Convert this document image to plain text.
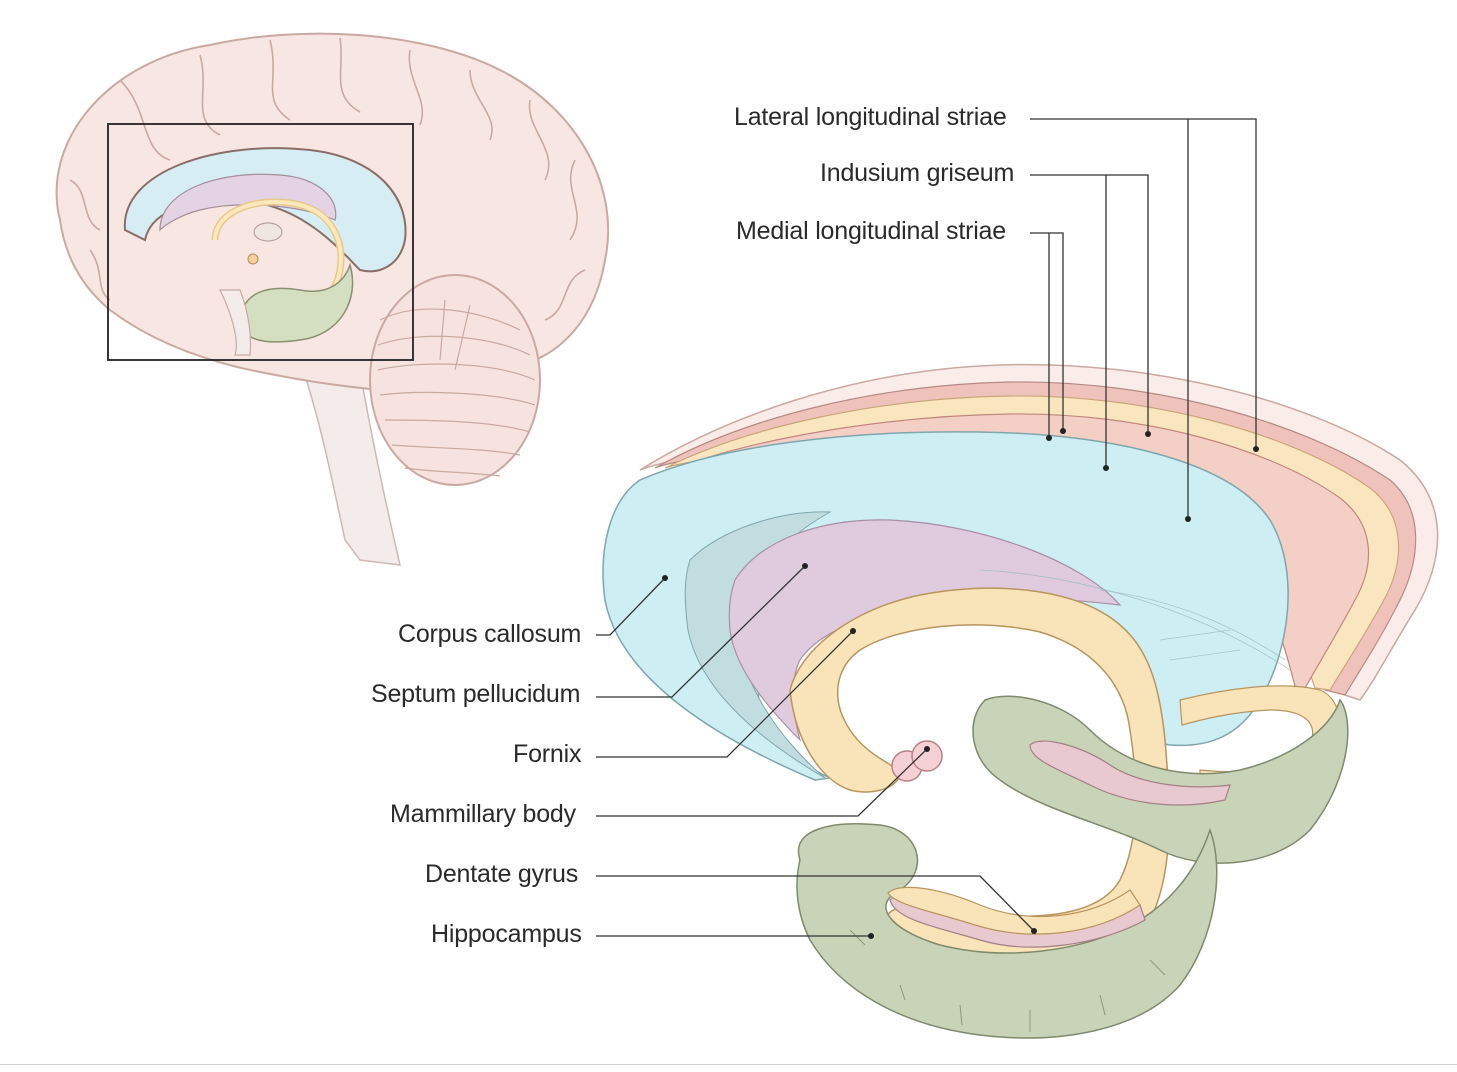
Lateral longitudinal striae
Indusium griseum
Medial longitudinal striae
Corpus callosum
Septum pellucidum
Fornix
Mammillary body
Dentate gyrus
Hippocampus
